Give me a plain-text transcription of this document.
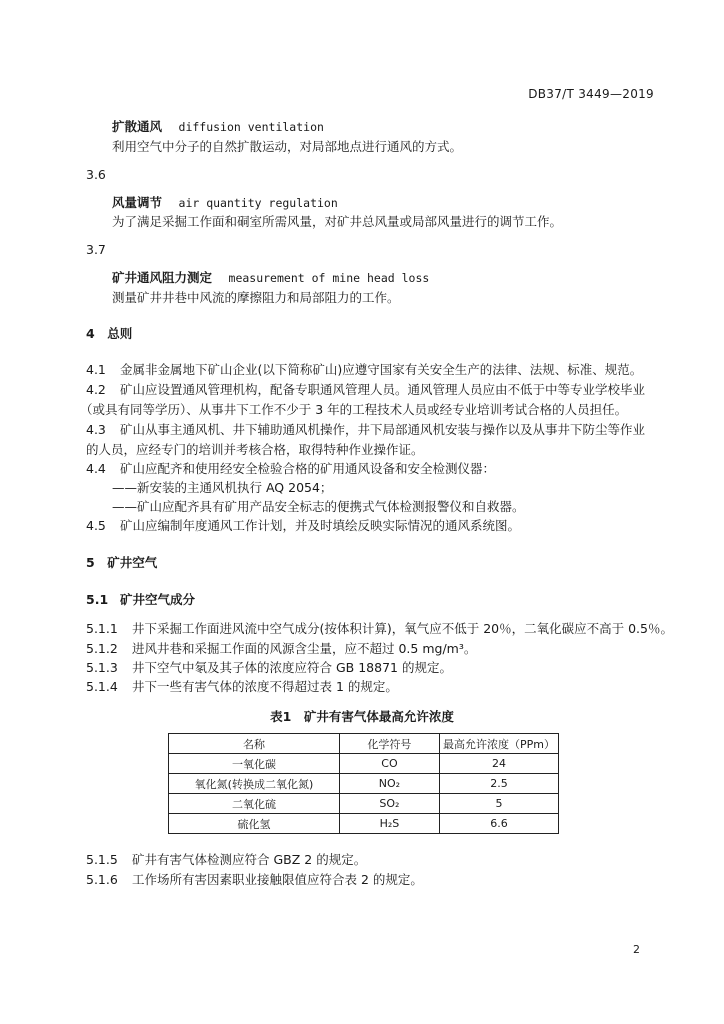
DB37/T 3449—2019
扩散通风　 diffusion ventilation
利用空气中分子的自然扩散运动，对局部地点进行通风的方式。
3.6
风量调节　 air quantity regulation
为了满足采掘工作面和硐室所需风量，对矿井总风量或局部风量进行的调节工作。
3.7
矿井通风阻力测定　 measurement of mine head loss
测量矿井井巷中风流的摩擦阻力和局部阻力的工作。
4　 总则
4.1 金属非金属地下矿山企业(以下简称矿山)应遵守国家有关安全生产的法律、法规、标准、规范。
4.2 矿山应设置通风管理机构，配备专职通风管理人员。通风管理人员应由不低于中等专业学校毕业
（或具有同等学历）、从事井下工作不少于 3 年的工程技术人员或经专业培训考试合格的人员担任。
4.3 矿山从事主通风机、井下辅助通风机操作，井下局部通风机安装与操作以及从事井下防尘等作业
的人员，应经专门的培训并考核合格，取得特种作业操作证。
4.4 矿山应配齐和使用经安全检验合格的矿用通风设备和安全检测仪器：
——新安装的主通风机执行 AQ 2054；
——矿山应配齐具有矿用产品安全标志的便携式气体检测报警仪和自救器。
4.5 矿山应编制年度通风工作计划，并及时填绘反映实际情况的通风系统图。
5　 矿井空气
5.1 矿井空气成分
5.1.1 井下采掘工作面进风流中空气成分(按体积计算)，氧气应不低于 20％，二氧化碳应不高于 0.5％。
5.1.2 进风井巷和采掘工作面的风源含尘量，应不超过 0.5 mg/m³。
5.1.3 井下空气中氡及其子体的浓度应符合 GB 18871 的规定。
5.1.4 井下一些有害气体的浓度不得超过表 1 的规定。
表1　矿井有害气体最高允许浓度
名称	化学符号	最高允许浓度（PPm）
一氧化碳	CO	24
氧化氮(转换成二氧化氮)	NO₂	2.5
二氧化硫	SO₂	5
硫化氢	H₂S	6.6
5.1.5 矿井有害气体检测应符合 GBZ 2 的规定。
5.1.6 工作场所有害因素职业接触限值应符合表 2 的规定。
2
